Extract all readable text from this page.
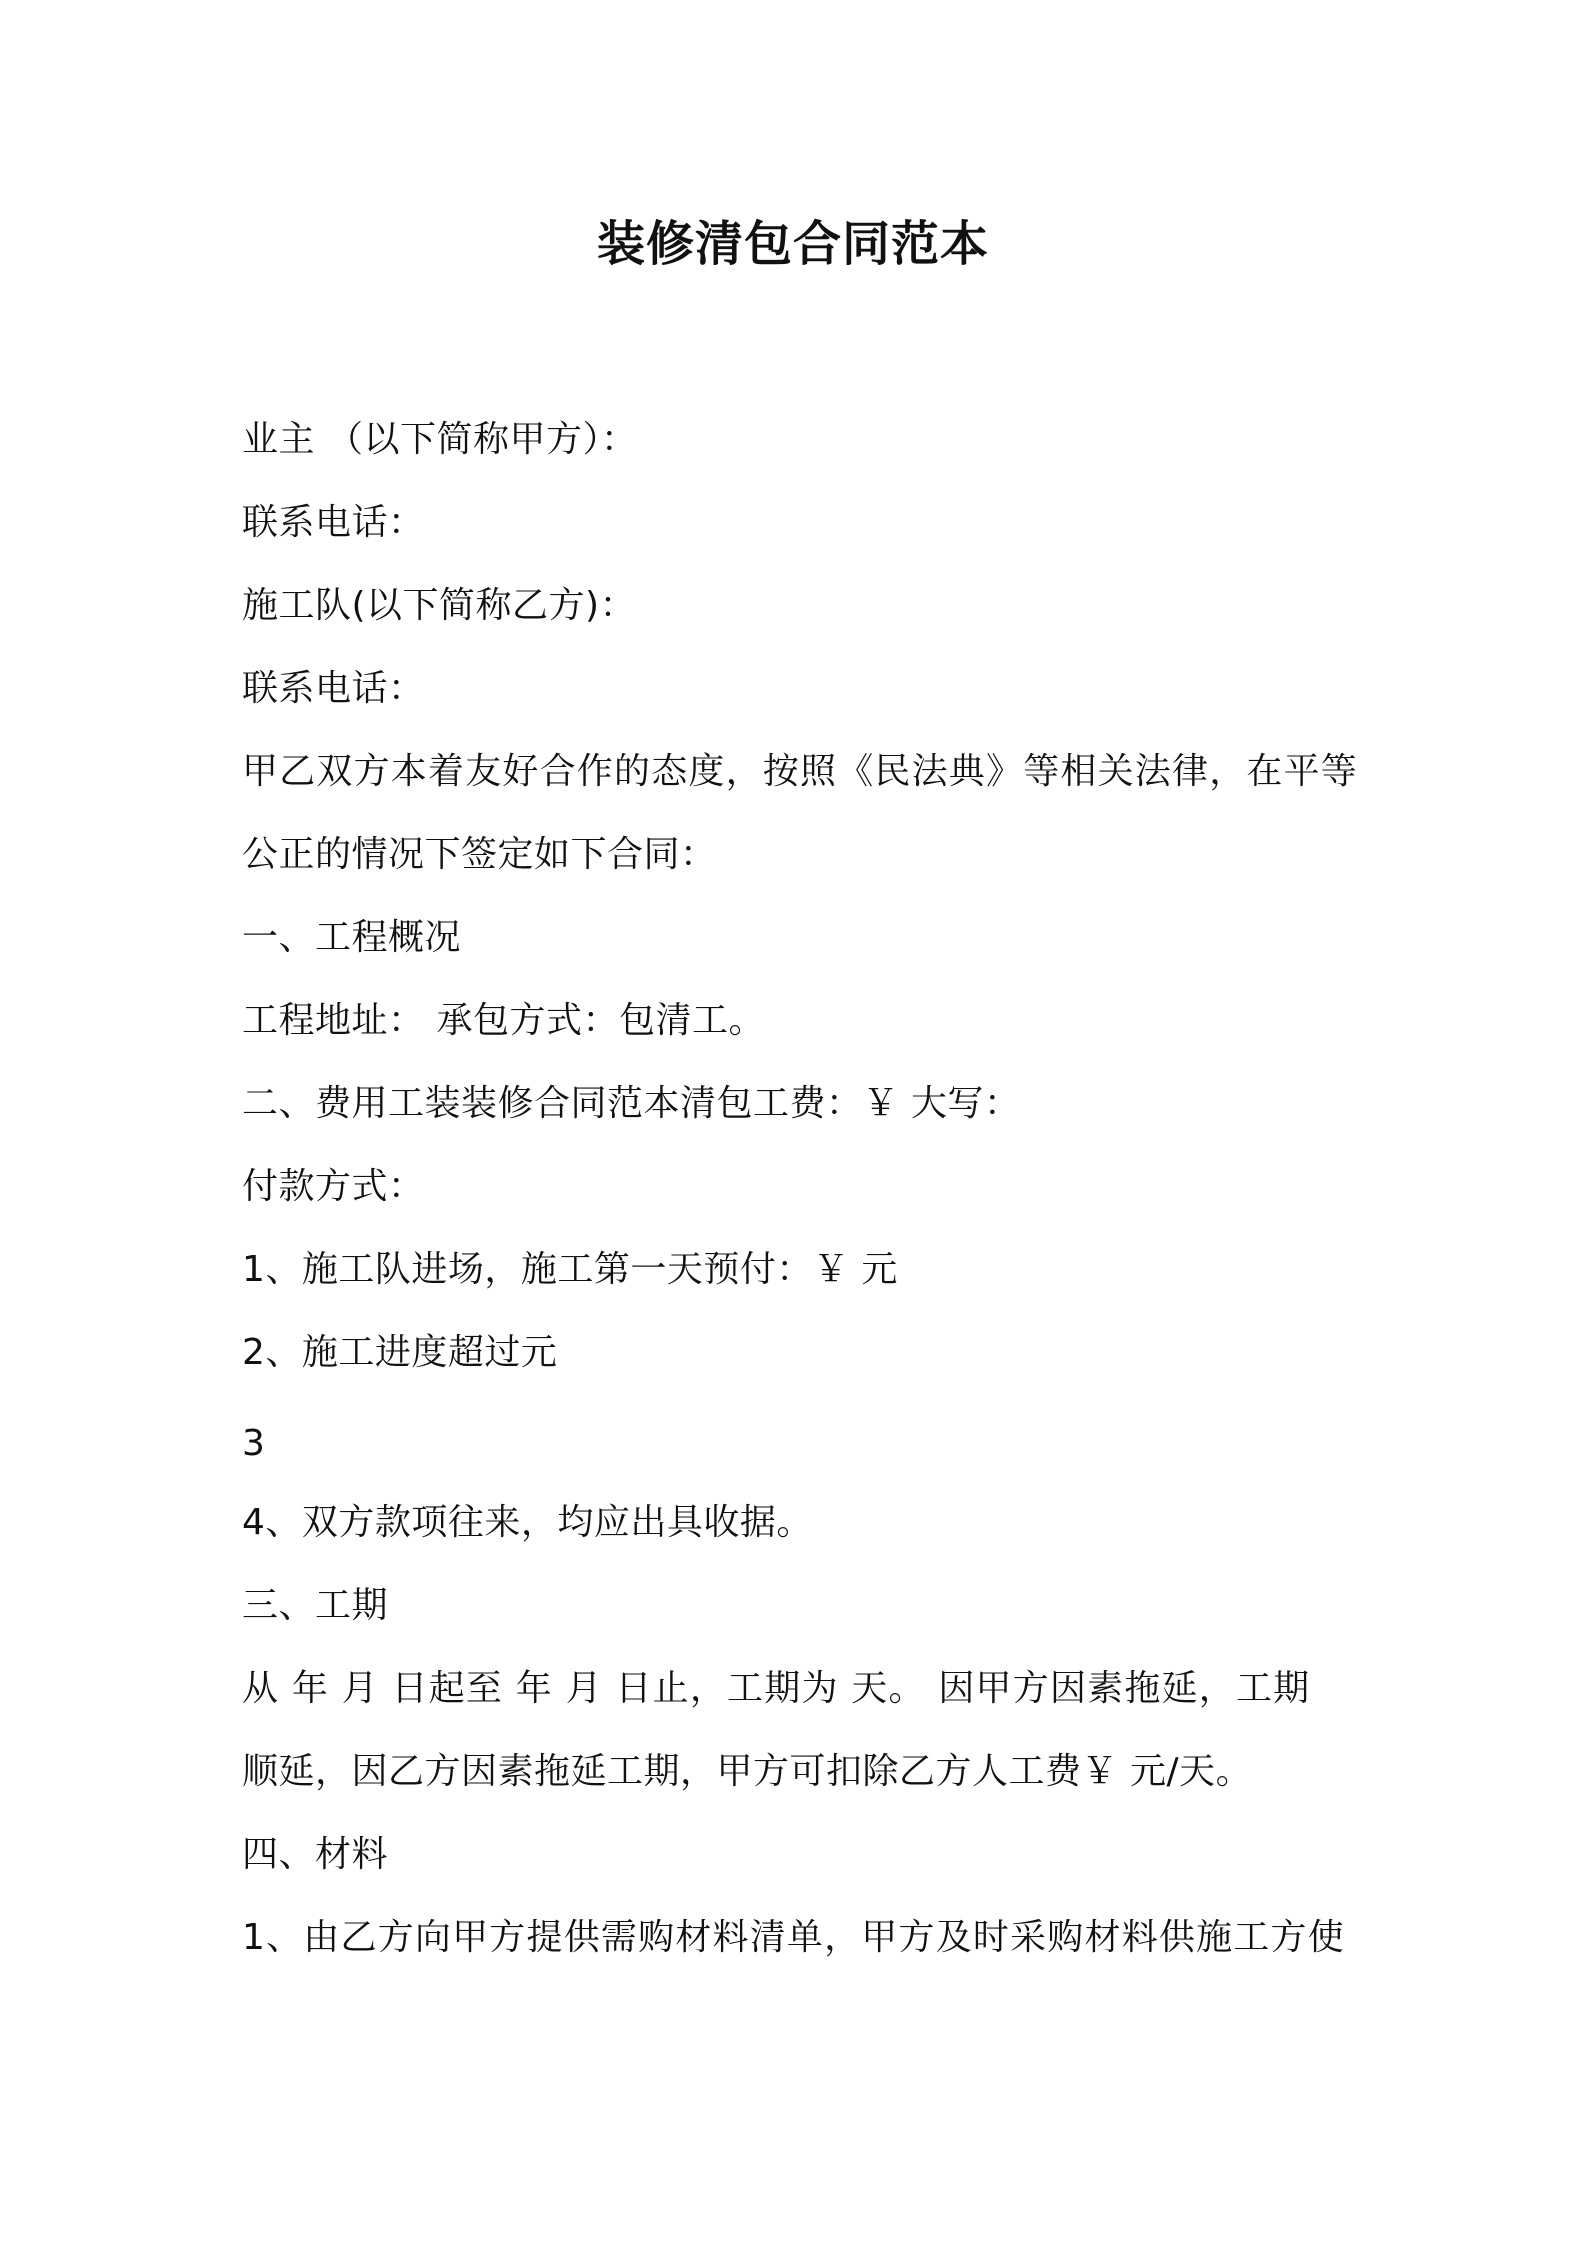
装修清包合同范本
业主 （以下简称甲方）：
联系电话：
施工队(以下简称乙方)：
联系电话：
甲乙双方本着友好合作的态度，按照《民法典》等相关法律，在平等
公正的情况下签定如下合同：
一、工程概况
工程地址： 承包方式：包清工。
二、费用工装装修合同范本清包工费：￥ 大写：
付款方式：
1、施工队进场，施工第一天预付：￥ 元
2、施工进度超过元
3
4、双方款项往来，均应出具收据。
三、工期
从 年 月 日起至 年 月 日止，工期为 天。 因甲方因素拖延，工期
顺延，因乙方因素拖延工期，甲方可扣除乙方人工费￥ 元/天。
四、材料
1、由乙方向甲方提供需购材料清单，甲方及时采购材料供施工方使
